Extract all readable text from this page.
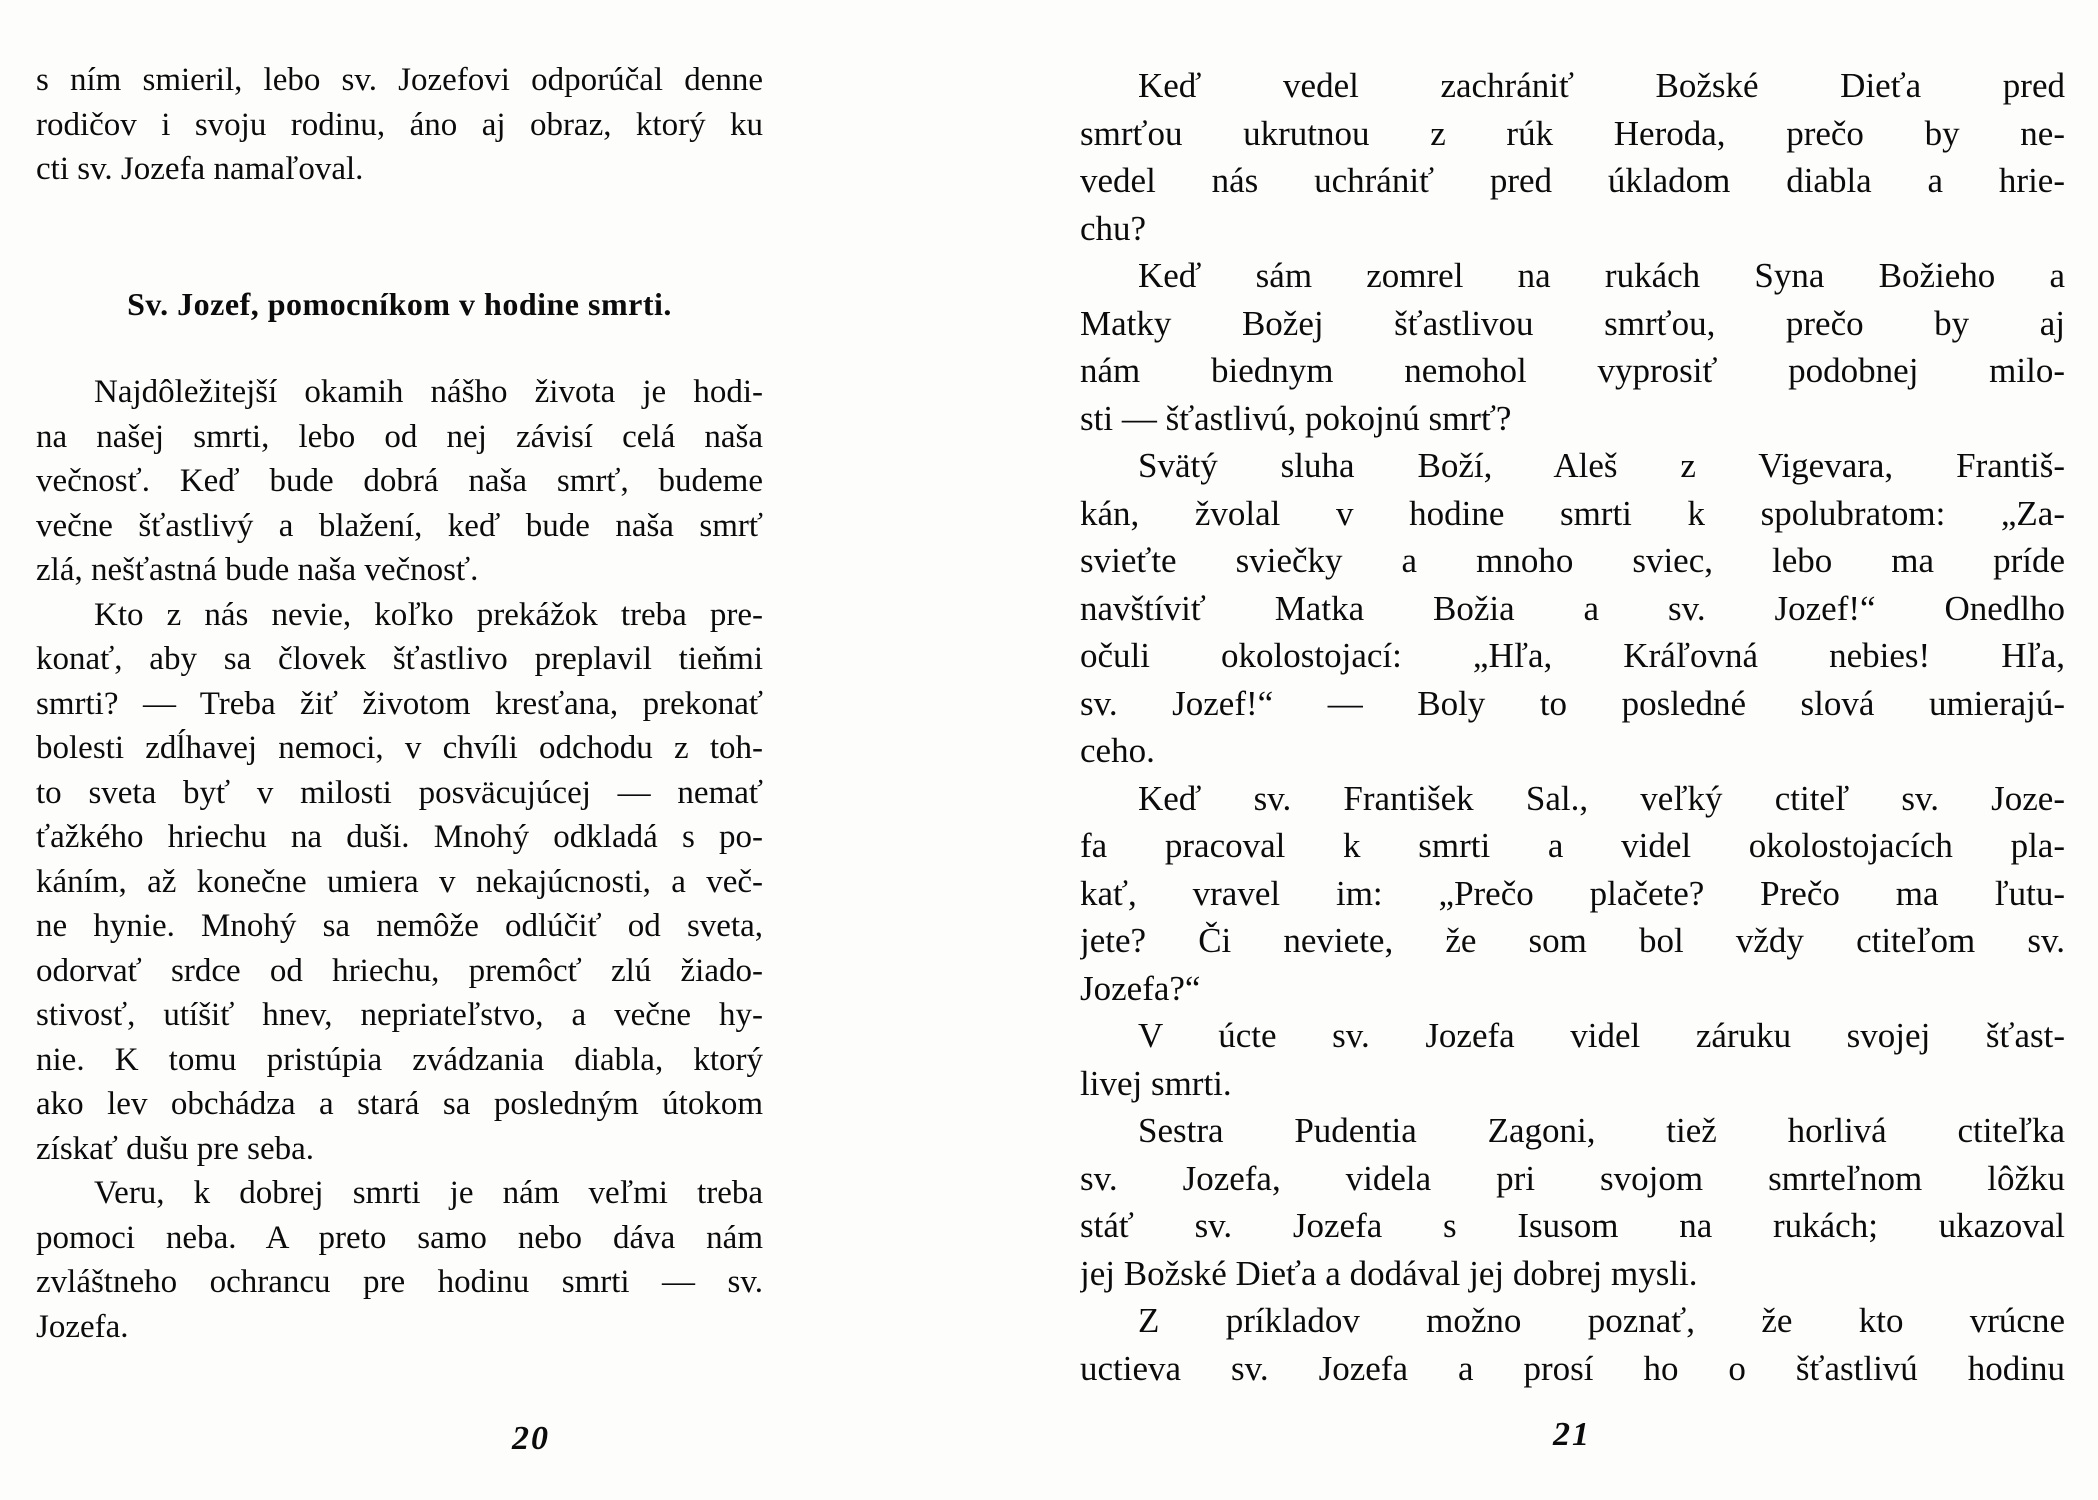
s ním smieril, lebo sv. Jozefovi odporúčal denne
rodičov i svoju rodinu, áno aj obraz, ktorý ku
cti sv. Jozefa namaľoval.
Sv. Jozef, pomocníkom v hodine smrti.
Najdôležitejší okamih nášho života je hodi-
na našej smrti, lebo od nej závisí celá naša
večnosť. Keď bude dobrá naša smrť, budeme
večne šťastlivý a blažení, keď bude naša smrť
zlá, nešťastná bude naša večnosť.
Kto z nás nevie, koľko prekážok treba pre-
konať, aby sa človek šťastlivo preplavil tieňmi
smrti? — Treba žiť životom kresťana, prekonať
bolesti zdĺhavej nemoci, v chvíli odchodu z toh-
to sveta byť v milosti posväcujúcej — nemať
ťažkého hriechu na duši. Mnohý odkladá s po-
káním, až konečne umiera v nekajúcnosti, a več-
ne hynie. Mnohý sa nemôže odlúčiť od sveta,
odorvať srdce od hriechu, premôcť zlú žiado-
stivosť, utíšiť hnev, nepriateľstvo, a večne hy-
nie. K tomu pristúpia zvádzania diabla, ktorý
ako lev obchádza a stará sa posledným útokom
získať dušu pre seba.
Veru, k dobrej smrti je nám veľmi treba
pomoci neba. A preto samo nebo dáva nám
zvláštneho ochrancu pre hodinu smrti — sv.
Jozefa.
20
Keď vedel zachrániť Božské Dieťa pred
smrťou ukrutnou z rúk Heroda, prečo by ne-
vedel nás uchrániť pred úkladom diabla a hrie-
chu?
Keď sám zomrel na rukách Syna Božieho a
Matky Božej šťastlivou smrťou, prečo by aj
nám biednym nemohol vyprosiť podobnej milo-
sti — šťastlivú, pokojnú smrť?
Svätý sluha Boží, Aleš z Vigevara, Františ-
kán, žvolal v hodine smrti k spolubratom: „Za-
svieťte sviečky a mnoho sviec, lebo ma príde
navštíviť Matka Božia a sv. Jozef!“ Onedlho
očuli okolostojací: „Hľa, Kráľovná nebies! Hľa,
sv. Jozef!“ — Boly to posledné slová umierajú-
ceho.
Keď sv. František Sal., veľký ctiteľ sv. Joze-
fa pracoval k smrti a videl okolostojacích pla-
kať, vravel im: „Prečo plačete? Prečo ma ľutu-
jete? Či neviete, že som bol vždy ctiteľom sv.
Jozefa?“
V úcte sv. Jozefa videl záruku svojej šťast-
livej smrti.
Sestra Pudentia Zagoni, tiež horlivá ctiteľka
sv. Jozefa, videla pri svojom smrteľnom lôžku
stáť sv. Jozefa s Isusom na rukách; ukazoval
jej Božské Dieťa a dodával jej dobrej mysli.
Z príkladov možno poznať, že kto vrúcne
uctieva sv. Jozefa a prosí ho o šťastlivú hodinu
21
